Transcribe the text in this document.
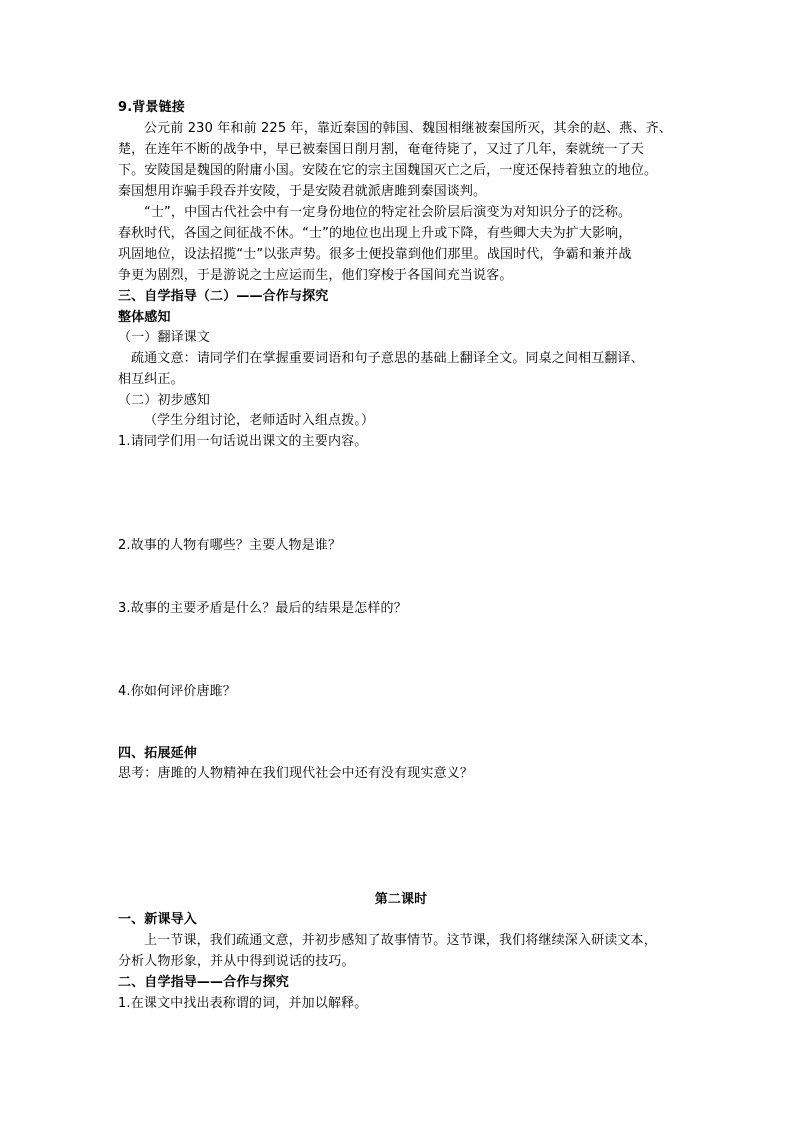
9.背景链接
公元前 230 年和前 225 年，靠近秦国的韩国、魏国相继被秦国所灭，其余的赵、燕、齐、
楚，在连年不断的战争中，早已被秦国日削月割，奄奄待毙了，又过了几年，秦就统一了天
下。安陵国是魏国的附庸小国。安陵在它的宗主国魏国灭亡之后，一度还保持着独立的地位。
秦国想用诈骗手段吞并安陵，于是安陵君就派唐雎到秦国谈判。
“士”，中国古代社会中有一定身份地位的特定社会阶层后演变为对知识分子的泛称。
春秋时代，各国之间征战不休。“士”的地位也出现上升或下降，有些卿大夫为扩大影响，
巩固地位，设法招揽“士”以张声势。很多士便投靠到他们那里。战国时代，争霸和兼并战
争更为剧烈，于是游说之士应运而生，他们穿梭于各国间充当说客。
三、自学指导（二）——合作与探究
整体感知
（一）翻译课文
疏通文意：请同学们在掌握重要词语和句子意思的基础上翻译全文。同桌之间相互翻译、
相互纠正。
（二）初步感知
（学生分组讨论，老师适时入组点拨。）
1.请同学们用一句话说出课文的主要内容。
2.故事的人物有哪些？主要人物是谁？
3.故事的主要矛盾是什么？最后的结果是怎样的？
4.你如何评价唐雎？
四、拓展延伸
思考：唐雎的人物精神在我们现代社会中还有没有现实意义？
第二课时
一、新课导入
上一节课，我们疏通文意，并初步感知了故事情节。这节课，我们将继续深入研读文本，
分析人物形象，并从中得到说话的技巧。
二、自学指导——合作与探究
1.在课文中找出表称谓的词，并加以解释。
